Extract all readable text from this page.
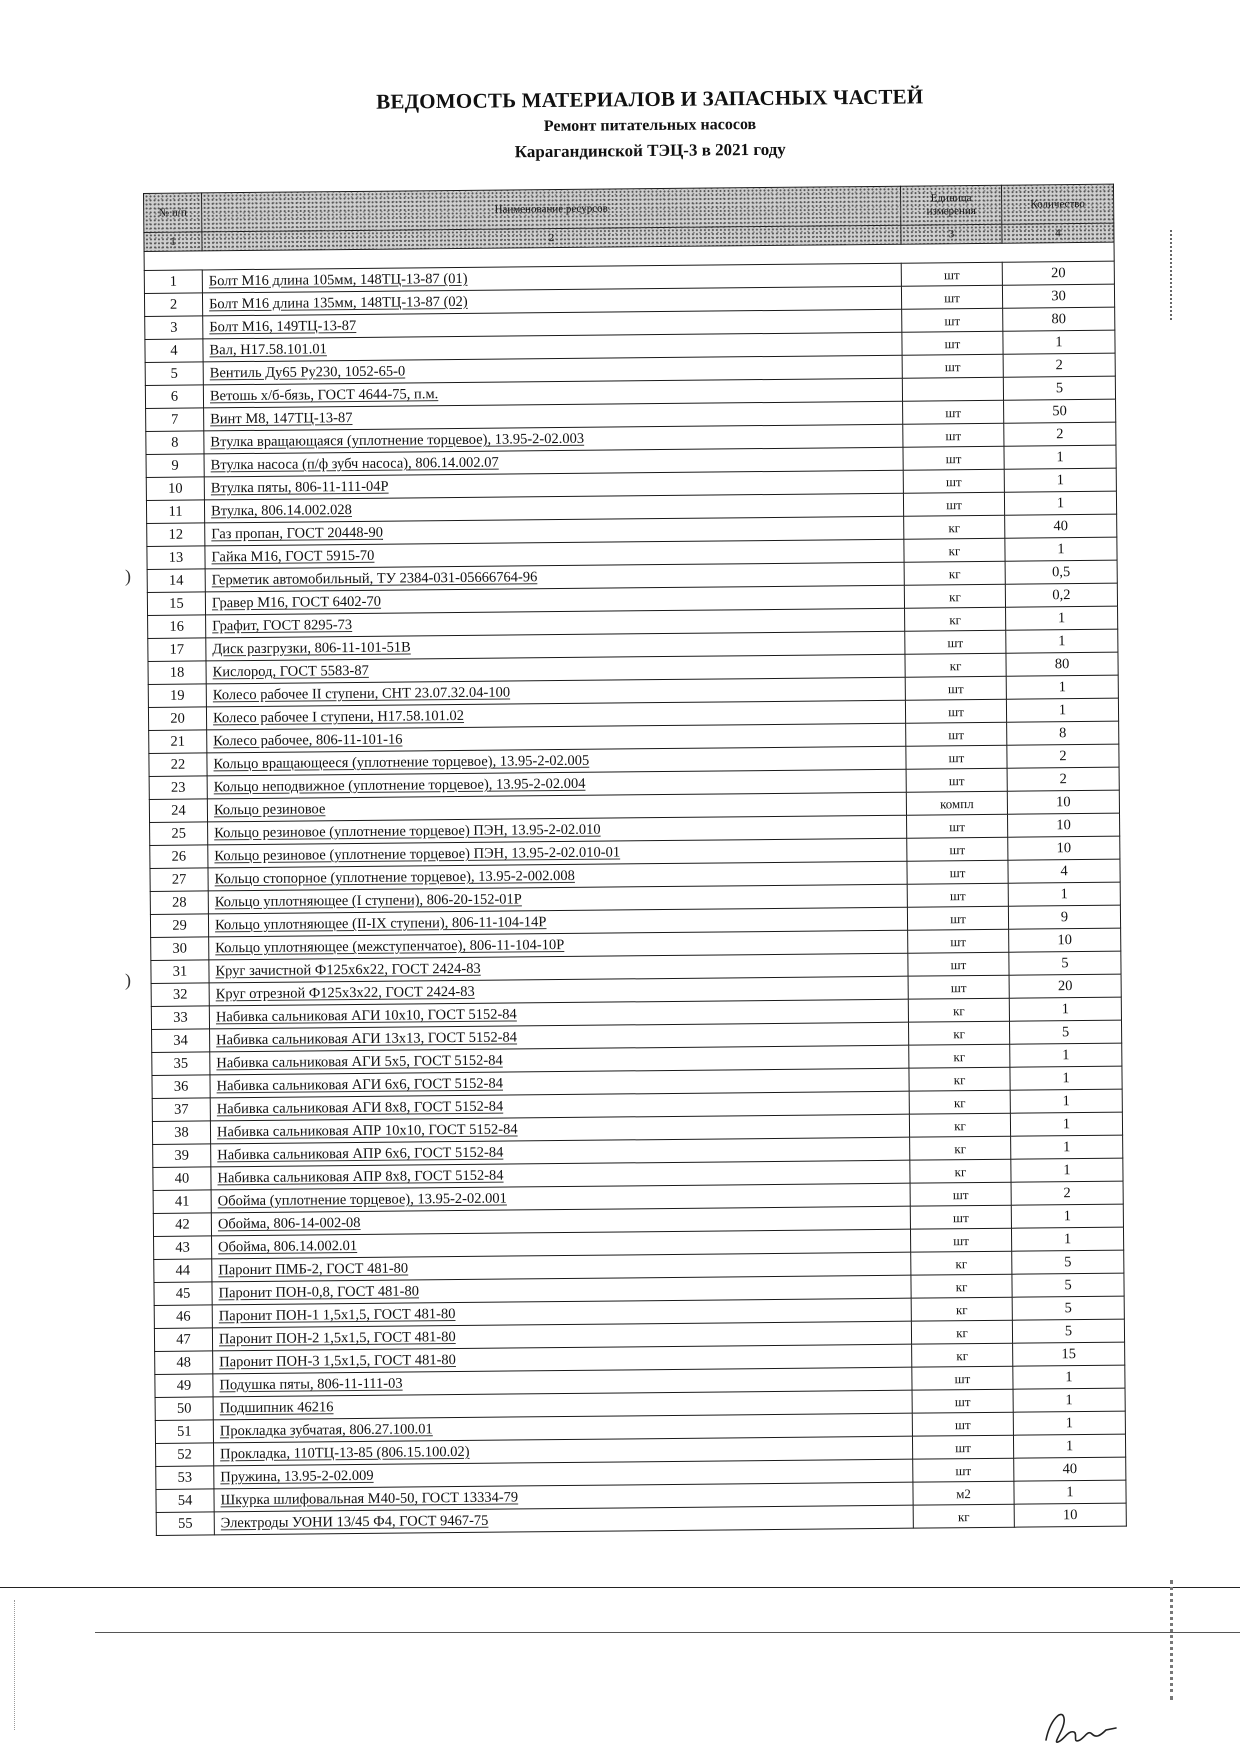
ВЕДОМОСТЬ МАТЕРИАЛОВ И ЗАПАСНЫХ ЧАСТЕЙ

Ремонт питательных насосов

Карагандинской ТЭЦ-3 в 2021 году

№ п/п	Наименование ресурсов	Единица измерения	Количество
1	2	3	4

1	Болт М16 длина 105мм, 148ТЦ-13-87 (01)	шт	20
2	Болт М16 длина 135мм, 148ТЦ-13-87 (02)	шт	30
3	Болт М16, 149ТЦ-13-87	шт	80
4	Вал, Н17.58.101.01	шт	1
5	Вентиль Ду65 Ру230, 1052-65-0	шт	2
6	Ветошь х/б-бязь, ГОСТ 4644-75, п.м.		5
7	Винт М8, 147ТЦ-13-87	шт	50
8	Втулка вращающаяся (уплотнение торцевое), 13.95-2-02.003	шт	2
9	Втулка насоса (п/ф зубч насоса), 806.14.002.07	шт	1
10	Втулка пяты, 806-11-111-04Р	шт	1
11	Втулка, 806.14.002.028	шт	1
12	Газ пропан, ГОСТ 20448-90	кг	40
13	Гайка М16, ГОСТ 5915-70	кг	1
14	Герметик автомобильный, ТУ 2384-031-05666764-96	кг	0,5
15	Гравер М16, ГОСТ 6402-70	кг	0,2
16	Графит, ГОСТ 8295-73	кг	1
17	Диск разгрузки, 806-11-101-51В	шт	1
18	Кислород, ГОСТ 5583-87	кг	80
19	Колесо рабочее II ступени, СНТ 23.07.32.04-100	шт	1
20	Колесо рабочее I ступени, Н17.58.101.02	шт	1
21	Колесо рабочее, 806-11-101-16	шт	8
22	Кольцо вращающееся (уплотнение торцевое), 13.95-2-02.005	шт	2
23	Кольцо неподвижное (уплотнение торцевое), 13.95-2-02.004	шт	2
24	Кольцо резиновое	компл	10
25	Кольцо резиновое (уплотнение торцевое) ПЭН, 13.95-2-02.010	шт	10
26	Кольцо резиновое (уплотнение торцевое) ПЭН, 13.95-2-02.010-01	шт	10
27	Кольцо стопорное (уплотнение торцевое), 13.95-2-002.008	шт	4
28	Кольцо уплотняющее (I ступени), 806-20-152-01Р	шт	1
29	Кольцо уплотняющее (II-IX ступени), 806-11-104-14Р	шт	9
30	Кольцо уплотняющее (межступенчатое), 806-11-104-10Р	шт	10
31	Круг зачистной Ф125х6х22, ГОСТ 2424-83	шт	5
32	Круг отрезной Ф125х3х22, ГОСТ 2424-83	шт	20
33	Набивка сальниковая АГИ 10х10, ГОСТ 5152-84	кг	1
34	Набивка сальниковая АГИ 13х13, ГОСТ 5152-84	кг	5
35	Набивка сальниковая АГИ 5х5, ГОСТ 5152-84	кг	1
36	Набивка сальниковая АГИ 6х6, ГОСТ 5152-84	кг	1
37	Набивка сальниковая АГИ 8х8, ГОСТ 5152-84	кг	1
38	Набивка сальниковая АПР 10х10, ГОСТ 5152-84	кг	1
39	Набивка сальниковая АПР 6х6, ГОСТ 5152-84	кг	1
40	Набивка сальниковая АПР 8х8, ГОСТ 5152-84	кг	1
41	Обойма (уплотнение торцевое), 13.95-2-02.001	шт	2
42	Обойма, 806-14-002-08	шт	1
43	Обойма, 806.14.002.01	шт	1
44	Паронит ПМБ-2, ГОСТ 481-80	кг	5
45	Паронит ПОН-0,8, ГОСТ 481-80	кг	5
46	Паронит ПОН-1 1,5х1,5, ГОСТ 481-80	кг	5
47	Паронит ПОН-2 1,5х1,5, ГОСТ 481-80	кг	5
48	Паронит ПОН-3 1,5х1,5, ГОСТ 481-80	кг	15
49	Подушка пяты, 806-11-111-03	шт	1
50	Подшипник 46216	шт	1
51	Прокладка зубчатая, 806.27.100.01	шт	1
52	Прокладка, 110ТЦ-13-85 (806.15.100.02)	шт	1
53	Пружина, 13.95-2-02.009	шт	40
54	Шкурка шлифовальная М40-50, ГОСТ 13334-79	м2	1
55	Электроды УОНИ 13/45 Ф4, ГОСТ 9467-75	кг	10
)
)
